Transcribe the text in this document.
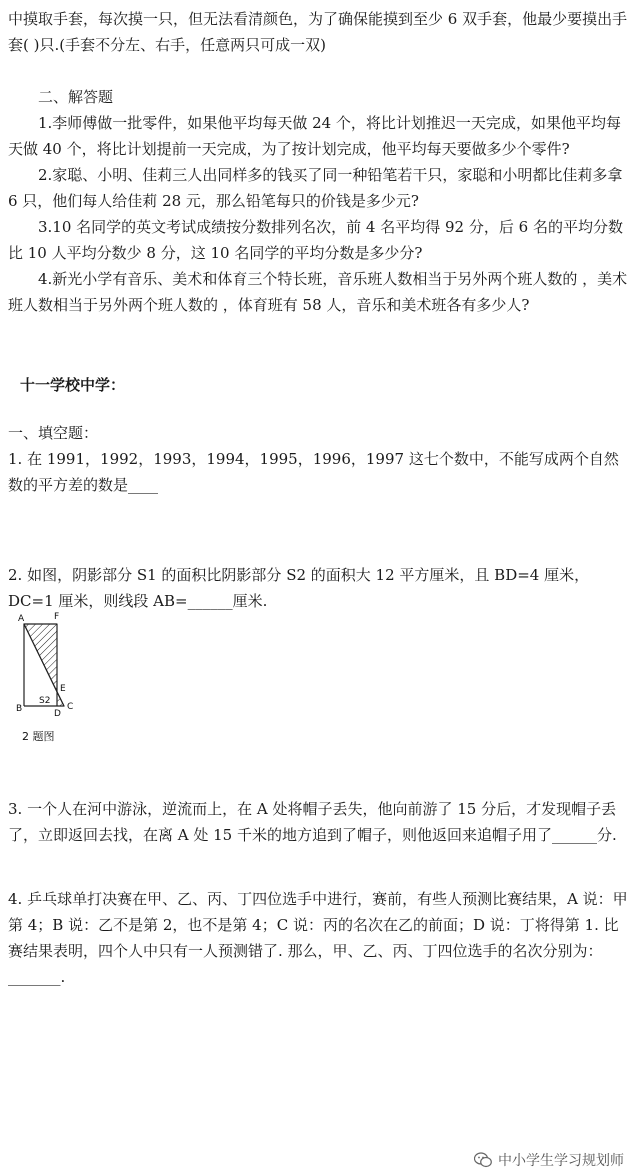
中摸取手套，每次摸一只，但无法看清颜色，为了确保能摸到至少 6 双手套，他最少要摸出手套( )只.(手套不分左、右手，任意两只可成一双)

二、解答题

1.李师傅做一批零件，如果他平均每天做 24 个，将比计划推迟一天完成，如果他平均每天做 40 个，将比计划提前一天完成，为了按计划完成，他平均每天要做多少个零件?

2.家聪、小明、佳莉三人出同样多的钱买了同一种铅笔若干只，家聪和小明都比佳莉多拿 6 只，他们每人给佳莉 28 元，那么铅笔每只的价钱是多少元?

3.10 名同学的英文考试成绩按分数排列名次，前 4 名平均得 92 分，后 6 名的平均分数比 10 人平均分数少 8 分，这 10 名同学的平均分数是多少分?

4.新光小学有音乐、美术和体育三个特长班，音乐班人数相当于另外两个班人数的 ，美术班人数相当于另外两个班人数的 ，体育班有 58 人，音乐和美术班各有多少人?

十一学校中学：

一、填空题：

1. 在 1991，1992，1993，1994，1995，1996，1997 这七个数中，不能写成两个自然数的平方差的数是____

2. 如图，阴影部分 S1 的面积比阴影部分 S2 的面积大 12 平方厘米，且 BD=4 厘米，DC=1 厘米，则线段 AB=______厘米.

A	F
E
B	D
C
S2
2 题图

3. 一个人在河中游泳，逆流而上，在 A 处将帽子丢失，他向前游了 15 分后，才发现帽子丢了，立即返回去找，在离 A 处 15 千米的地方追到了帽子，则他返回来追帽子用了______分.

4. 乒乓球单打决赛在甲、乙、丙、丁四位选手中进行，赛前，有些人预测比赛结果，A 说：甲第 4；B 说：乙不是第 2，也不是第 4；C 说：丙的名次在乙的前面；D 说：丁将得第 1. 比赛结果表明，四个人中只有一人预测错了. 那么，甲、乙、丙、丁四位选手的名次分别为：_______.

中小学生学习规划师
